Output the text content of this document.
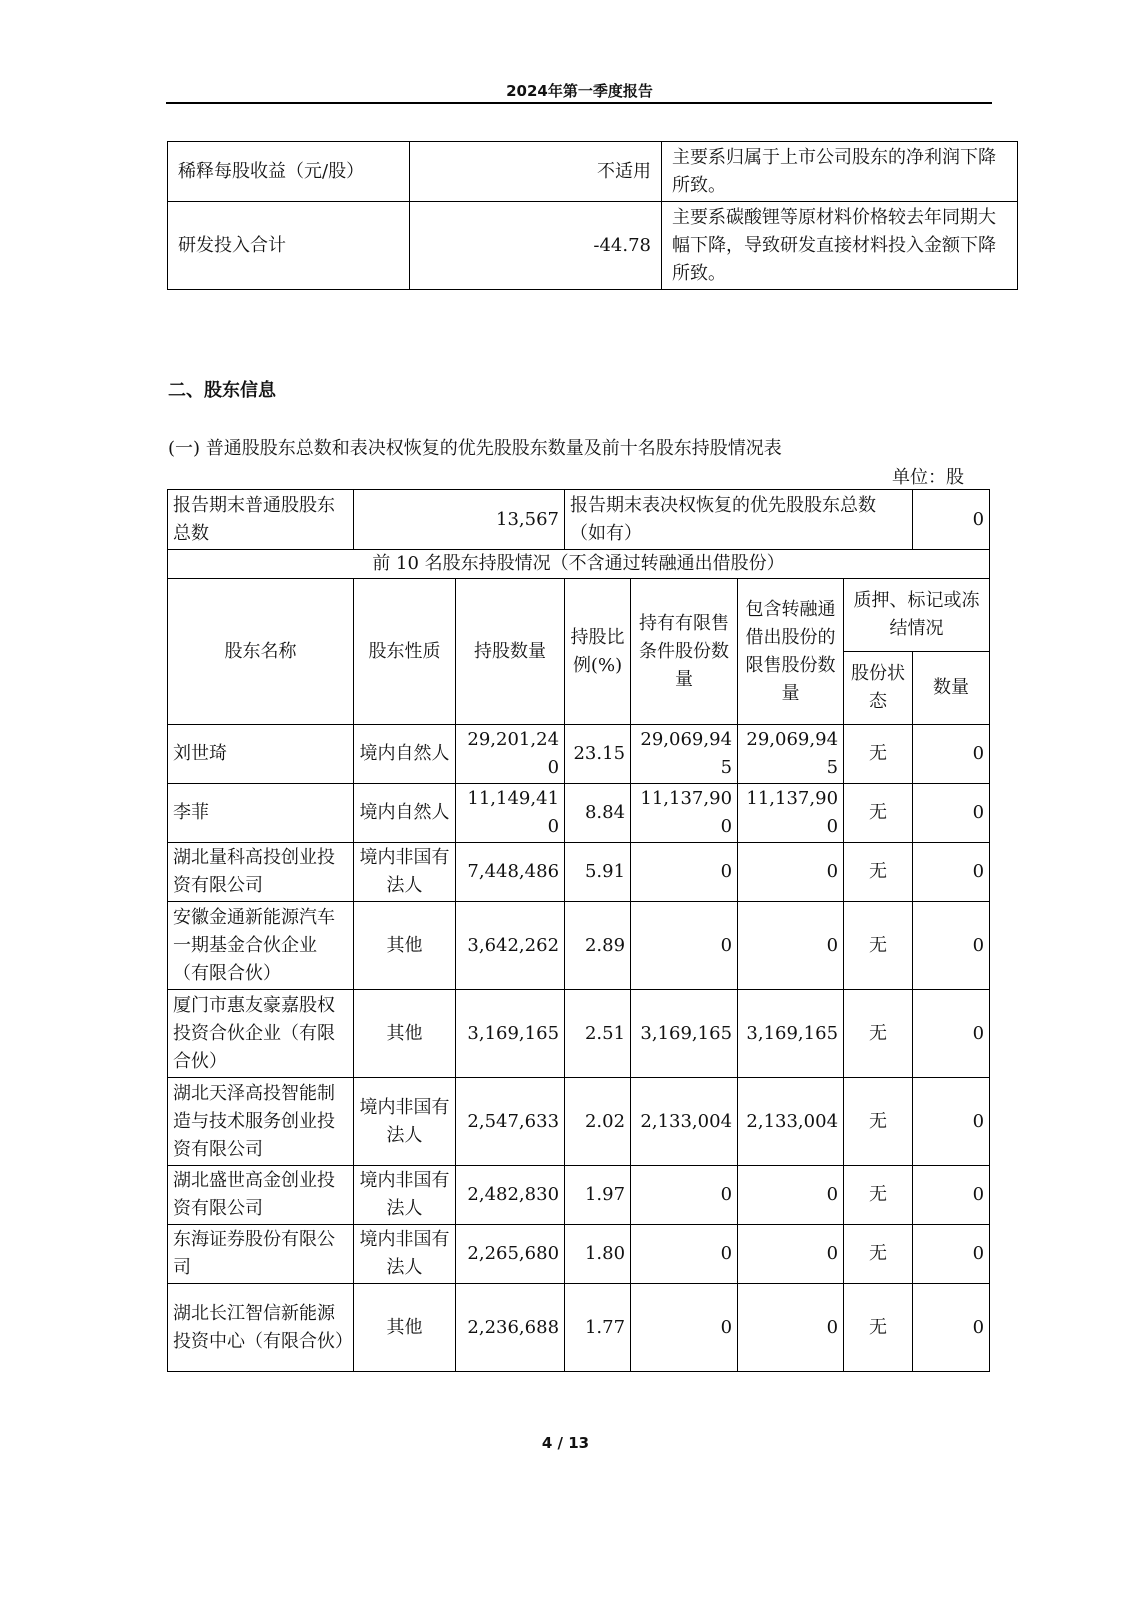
2024年第一季度报告
稀释每股收益（元/股）	不适用	主要系归属于上市公司股东的净利润下降所致。
研发投入合计	-44.78	主要系碳酸锂等原材料价格较去年同期大幅下降，导致研发直接材料投入金额下降所致。
二、股东信息
(一) 普通股股东总数和表决权恢复的优先股股东数量及前十名股东持股情况表
单位：股
报告期末普通股股东总数	13,567		报告期末表决权恢复的优先股股东总数（如有）				0
前 10 名股东持股情况（不含通过转融通出借股份）							
股东名称	股东性质	持股数量	持股比例(%)	持有有限售条件股份数量	包含转融通借出股份的限售股份数量	质押、标记或冻结情况	
						股份状态	数量
刘世琦	境内自然人	29,201,240	23.15	29,069,945	29,069,945	无	0
李菲	境内自然人	11,149,410	8.84	11,137,900	11,137,900	无	0
湖北量科高投创业投资有限公司	境内非国有法人	7,448,486	5.91	0	0	无	0
安徽金通新能源汽车一期基金合伙企业（有限合伙）	其他	3,642,262	2.89	0	0	无	0
厦门市惠友豪嘉股权投资合伙企业（有限合伙）	其他	3,169,165	2.51	3,169,165	3,169,165	无	0
湖北天泽高投智能制造与技术服务创业投资有限公司	境内非国有法人	2,547,633	2.02	2,133,004	2,133,004	无	0
湖北盛世高金创业投资有限公司	境内非国有法人	2,482,830	1.97	0	0	无	0
东海证券股份有限公司	境内非国有法人	2,265,680	1.80	0	0	无	0
湖北长江智信新能源投资中心（有限合伙）	其他	2,236,688	1.77	0	0	无	0
4 / 13
